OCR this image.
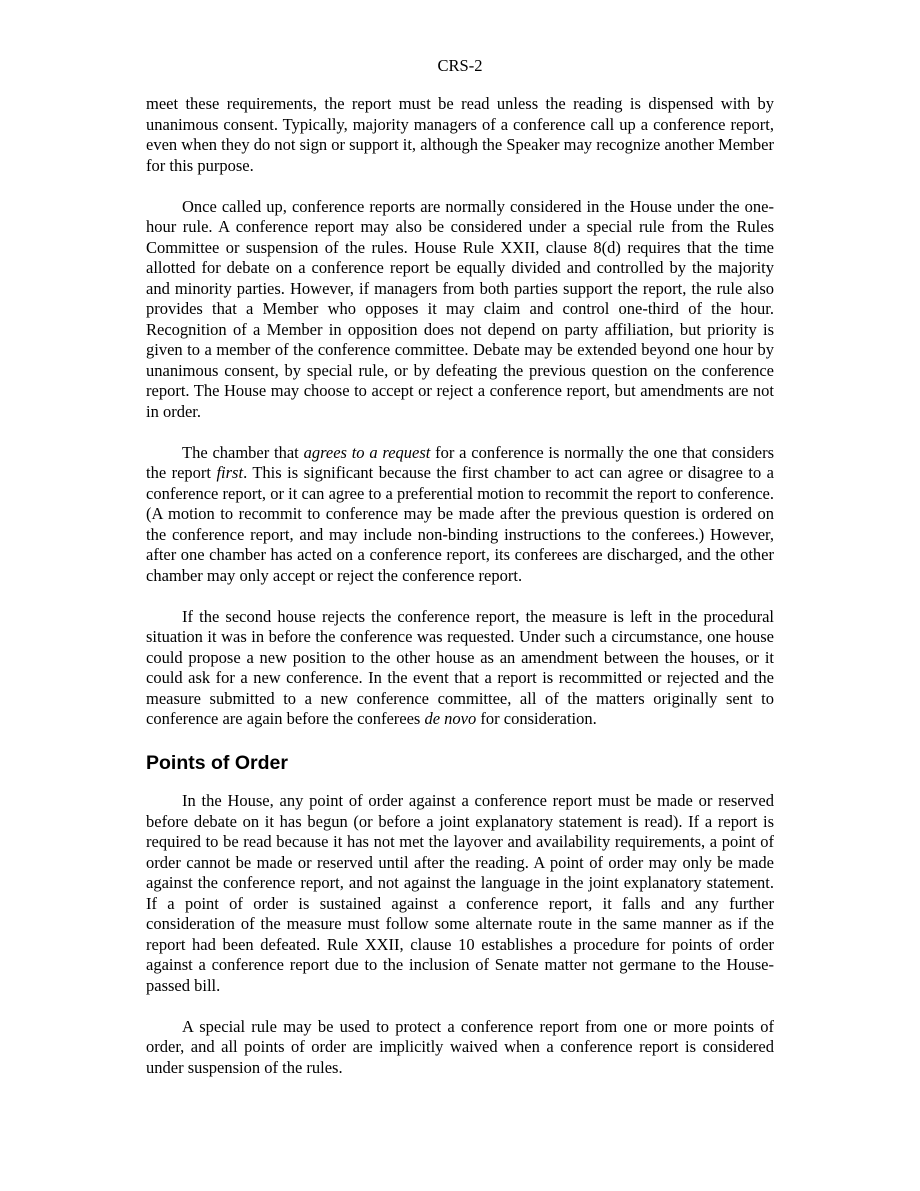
CRS-2

meet these requirements, the report must be read unless the reading is dispensed with by unanimous consent. Typically, majority managers of a conference call up a conference report, even when they do not sign or support it, although the Speaker may recognize another Member for this purpose.

Once called up, conference reports are normally considered in the House under the one-hour rule. A conference report may also be considered under a special rule from the Rules Committee or suspension of the rules. House Rule XXII, clause 8(d) requires that the time allotted for debate on a conference report be equally divided and controlled by the majority and minority parties. However, if managers from both parties support the report, the rule also provides that a Member who opposes it may claim and control one-third of the hour. Recognition of a Member in opposition does not depend on party affiliation, but priority is given to a member of the conference committee. Debate may be extended beyond one hour by unanimous consent, by special rule, or by defeating the previous question on the conference report. The House may choose to accept or reject a conference report, but amendments are not in order.

The chamber that agrees to a request for a conference is normally the one that considers the report first. This is significant because the first chamber to act can agree or disagree to a conference report, or it can agree to a preferential motion to recommit the report to conference. (A motion to recommit to conference may be made after the previous question is ordered on the conference report, and may include non-binding instructions to the conferees.) However, after one chamber has acted on a conference report, its conferees are discharged, and the other chamber may only accept or reject the conference report.

If the second house rejects the conference report, the measure is left in the procedural situation it was in before the conference was requested. Under such a circumstance, one house could propose a new position to the other house as an amendment between the houses, or it could ask for a new conference. In the event that a report is recommitted or rejected and the measure submitted to a new conference committee, all of the matters originally sent to conference are again before the conferees de novo for consideration.

Points of Order

In the House, any point of order against a conference report must be made or reserved before debate on it has begun (or before a joint explanatory statement is read). If a report is required to be read because it has not met the layover and availability requirements, a point of order cannot be made or reserved until after the reading. A point of order may only be made against the conference report, and not against the language in the joint explanatory statement. If a point of order is sustained against a conference report, it falls and any further consideration of the measure must follow some alternate route in the same manner as if the report had been defeated. Rule XXII, clause 10 establishes a procedure for points of order against a conference report due to the inclusion of Senate matter not germane to the House-passed bill.

A special rule may be used to protect a conference report from one or more points of order, and all points of order are implicitly waived when a conference report is considered under suspension of the rules.
